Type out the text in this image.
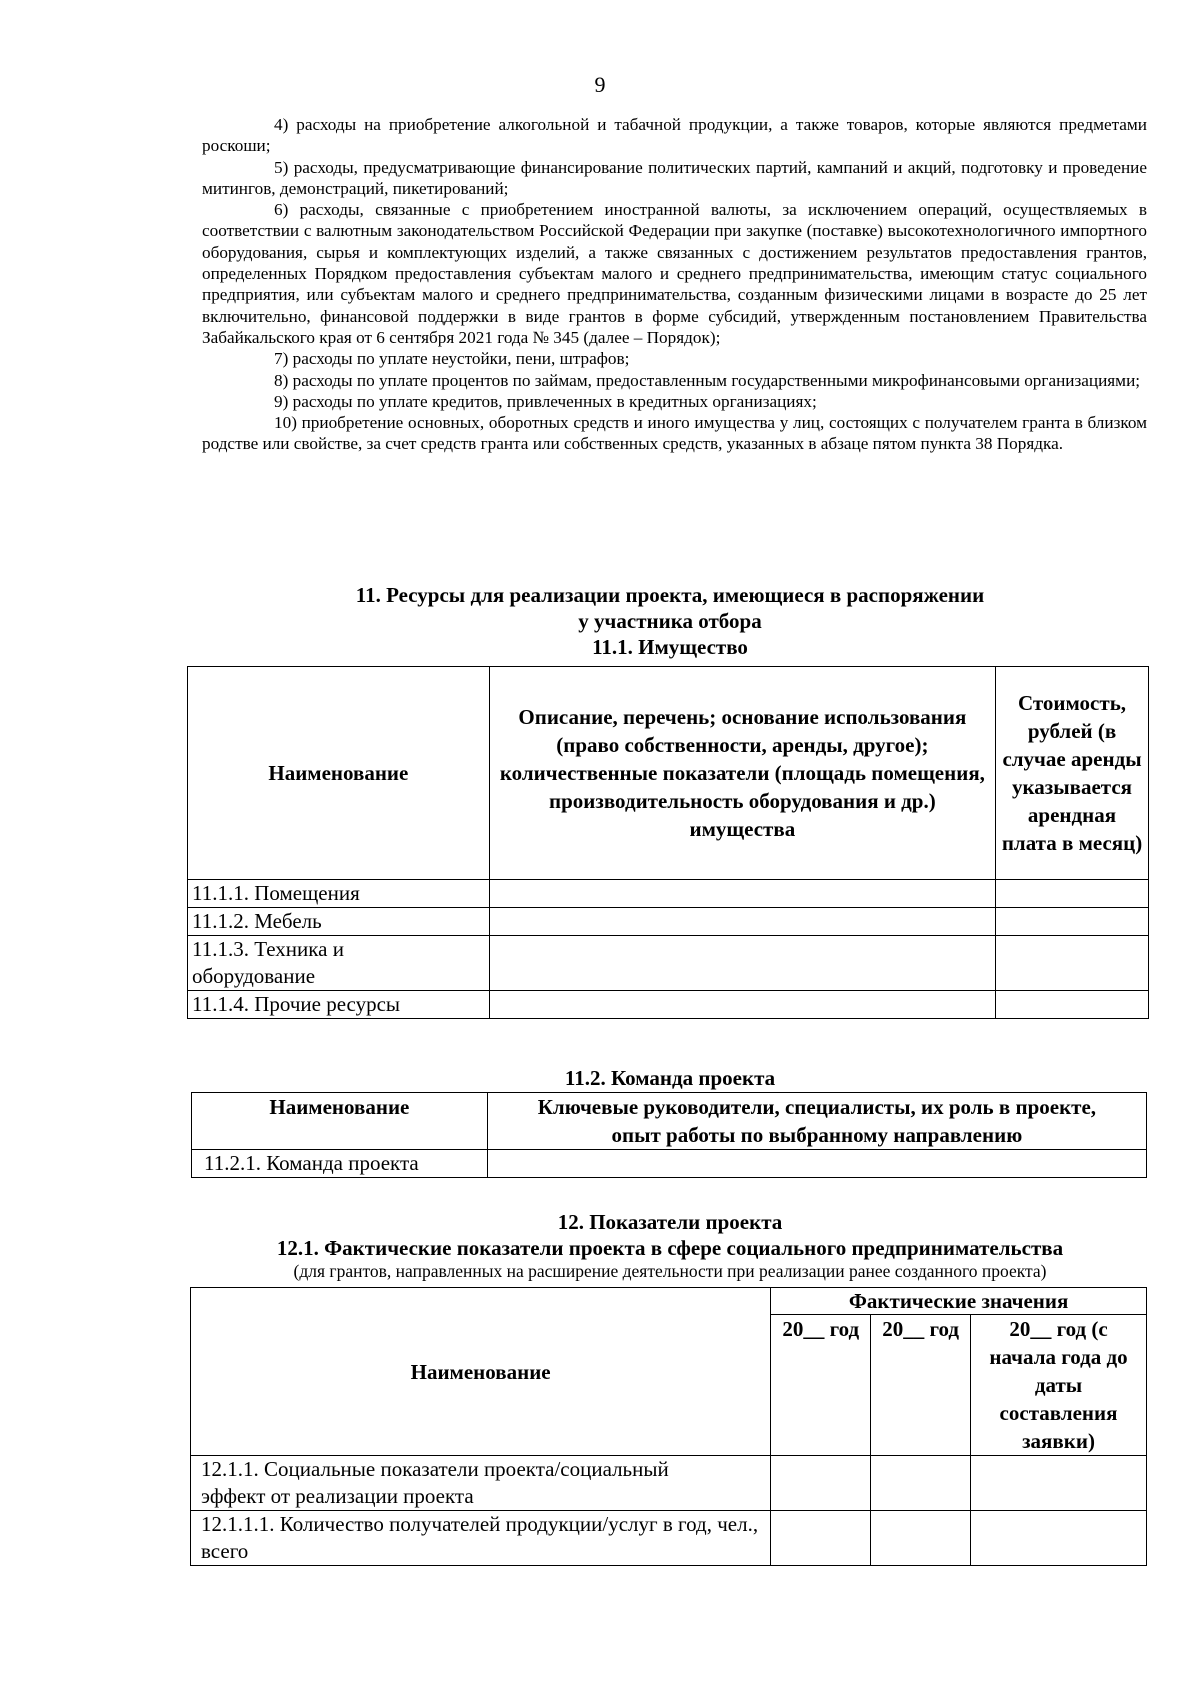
9

4) расходы на приобретение алкогольной и табачной продукции, а также товаров, которые являются предметами роскоши;

5) расходы, предусматривающие финансирование политических партий, кампаний и акций, подготовку и проведение митингов, демонстраций, пикетирований;

6) расходы, связанные с приобретением иностранной валюты, за исключением операций, осуществляемых в соответствии с валютным законодательством Российской Федерации при закупке (поставке) высокотехнологичного импортного оборудования, сырья и комплектующих изделий, а также связанных с достижением результатов предоставления грантов, определенных Порядком предоставления субъектам малого и среднего предпринимательства, имеющим статус социального предприятия, или субъектам малого и среднего предпринимательства, созданным физическими лицами в возрасте до 25 лет включительно, финансовой поддержки в виде грантов в форме субсидий, утвержденным постановлением Правительства Забайкальского края от 6 сентября 2021 года № 345 (далее – Порядок);

7) расходы по уплате неустойки, пени, штрафов;

8) расходы по уплате процентов по займам, предоставленным государственными микрофинансовыми организациями;

9) расходы по уплате кредитов, привлеченных в кредитных организациях;

10) приобретение основных, оборотных средств и иного имущества у лиц, состоящих с получателем гранта в близком родстве или свойстве, за счет средств гранта или собственных средств, указанных в абзаце пятом пункта 38 Порядка.

11. Ресурсы для реализации проекта, имеющиеся в распоряжении

у участника отбора

11.1. Имущество

Наименование	Описание, перечень; основание использования (право собственности, аренды, другое); количественные показатели (площадь помещения, производительность оборудования и др.) имущества	Стоимость, рублей (в случае аренды указывается арендная плата в месяц)
11.1.1. Помещения		
11.1.2. Мебель		
11.1.3. Техника и оборудование		
11.1.4. Прочие ресурсы		

11.2. Команда проекта

Наименование	Ключевые руководители, специалисты, их роль в проекте, опыт работы по выбранному направлению
11.2.1. Команда проекта	

12. Показатели проекта

12.1. Фактические показатели проекта в сфере социального предпринимательства

(для грантов, направленных на расширение деятельности при реализации ранее созданного проекта)

Наименование	Фактические значения		
	20__ год	20__ год	20__ год (с начала года до даты составления заявки)
12.1.1. Социальные показатели проекта/социальный эффект от реализации проекта			
12.1.1.1. Количество получателей продукции/услуг в год, чел., всего			
